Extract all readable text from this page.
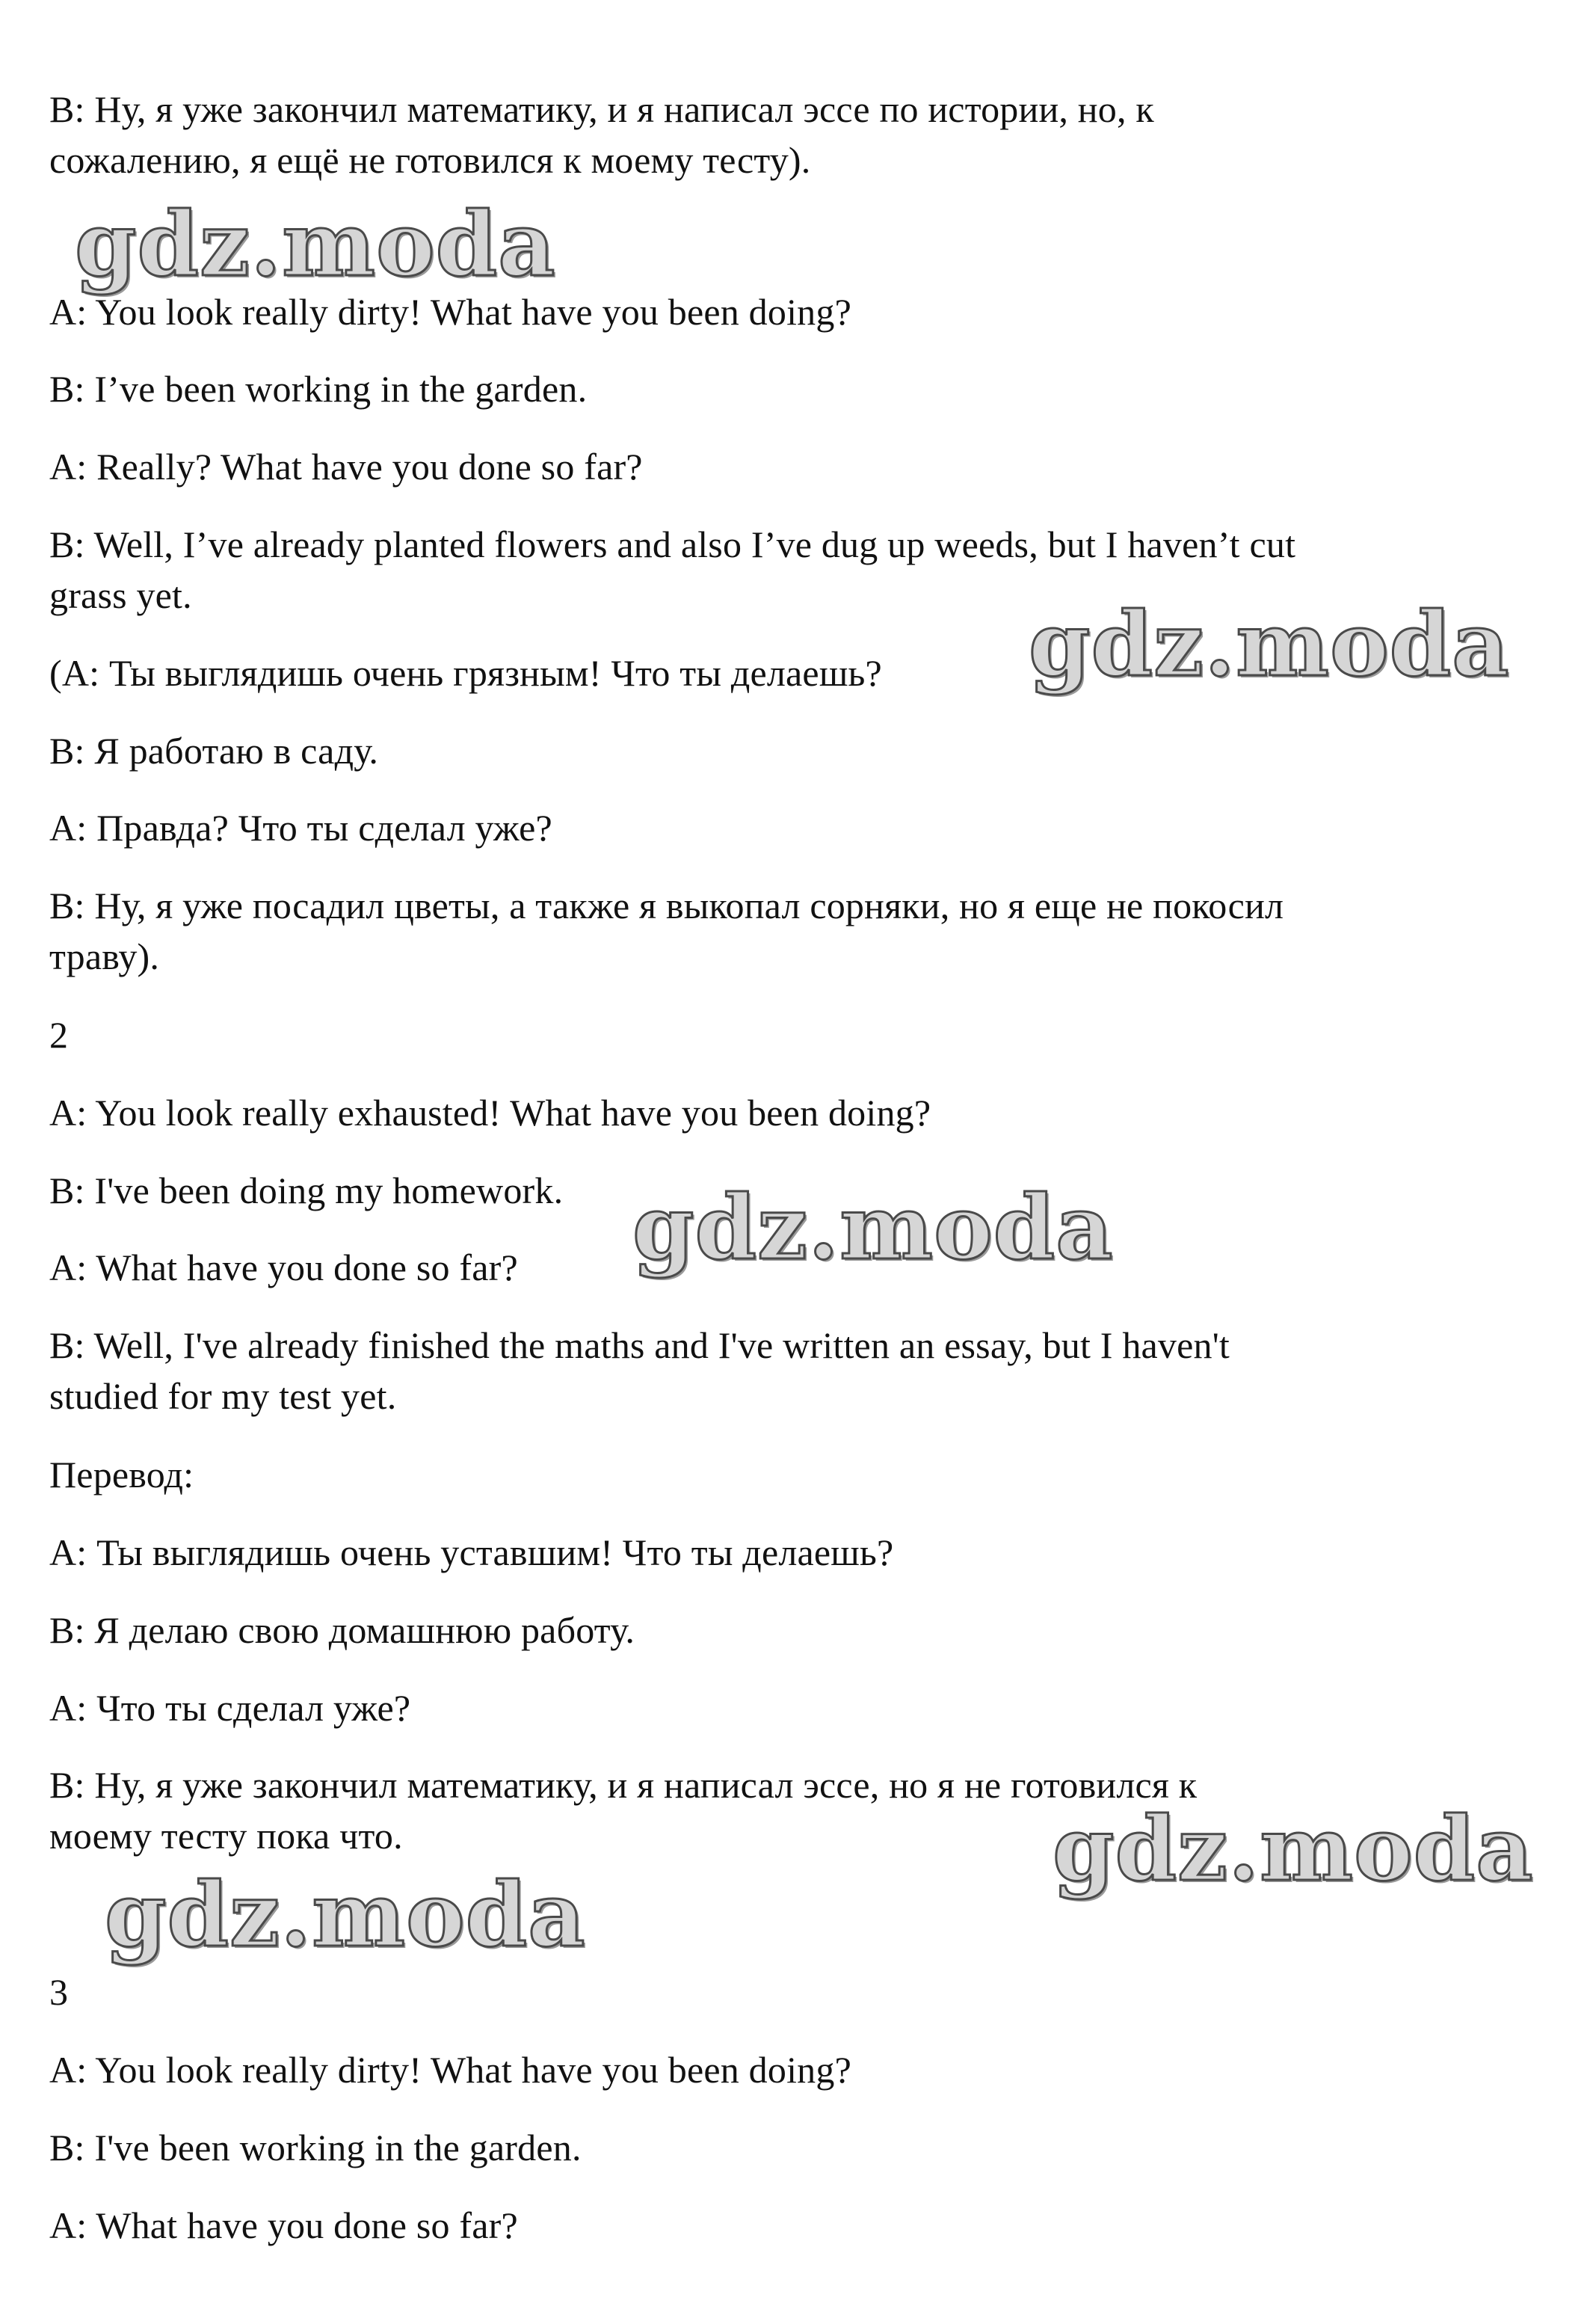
B: Ну, я уже закончил математику, и я написал эссе по истории, но, к
сожалению, я ещё не готовился к моему тесту).

A: You look really dirty! What have you been doing?

B: I’ve been working in the garden.

A: Really? What have you done so far?

B: Well, I’ve already planted flowers and also I’ve dug up weeds, but I haven’t cut
grass yet.

(A: Ты выглядишь очень грязным! Что ты делаешь?

B: Я работаю в саду.

A: Правда? Что ты сделал уже?

B: Ну, я уже посадил цветы, а также я выкопал сорняки, но я еще не покосил
траву).

2

A: You look really exhausted! What have you been doing?

B: I've been doing my homework.

A: What have you done so far?

B: Well, I've already finished the maths and I've written an essay, but I haven't
studied for my test yet.

Перевод:

A: Ты выглядишь очень уставшим! Что ты делаешь?

B: Я делаю свою домашнюю работу.

A: Что ты сделал уже?

B: Ну, я уже закончил математику, и я написал эссе, но я не готовился к
моему тесту пока что.

3

A: You look really dirty! What have you been doing?

B: I've been working in the garden.

A: What have you done so far?

gdz.moda
gdz.moda
gdz.moda
gdz.moda
gdz.moda
